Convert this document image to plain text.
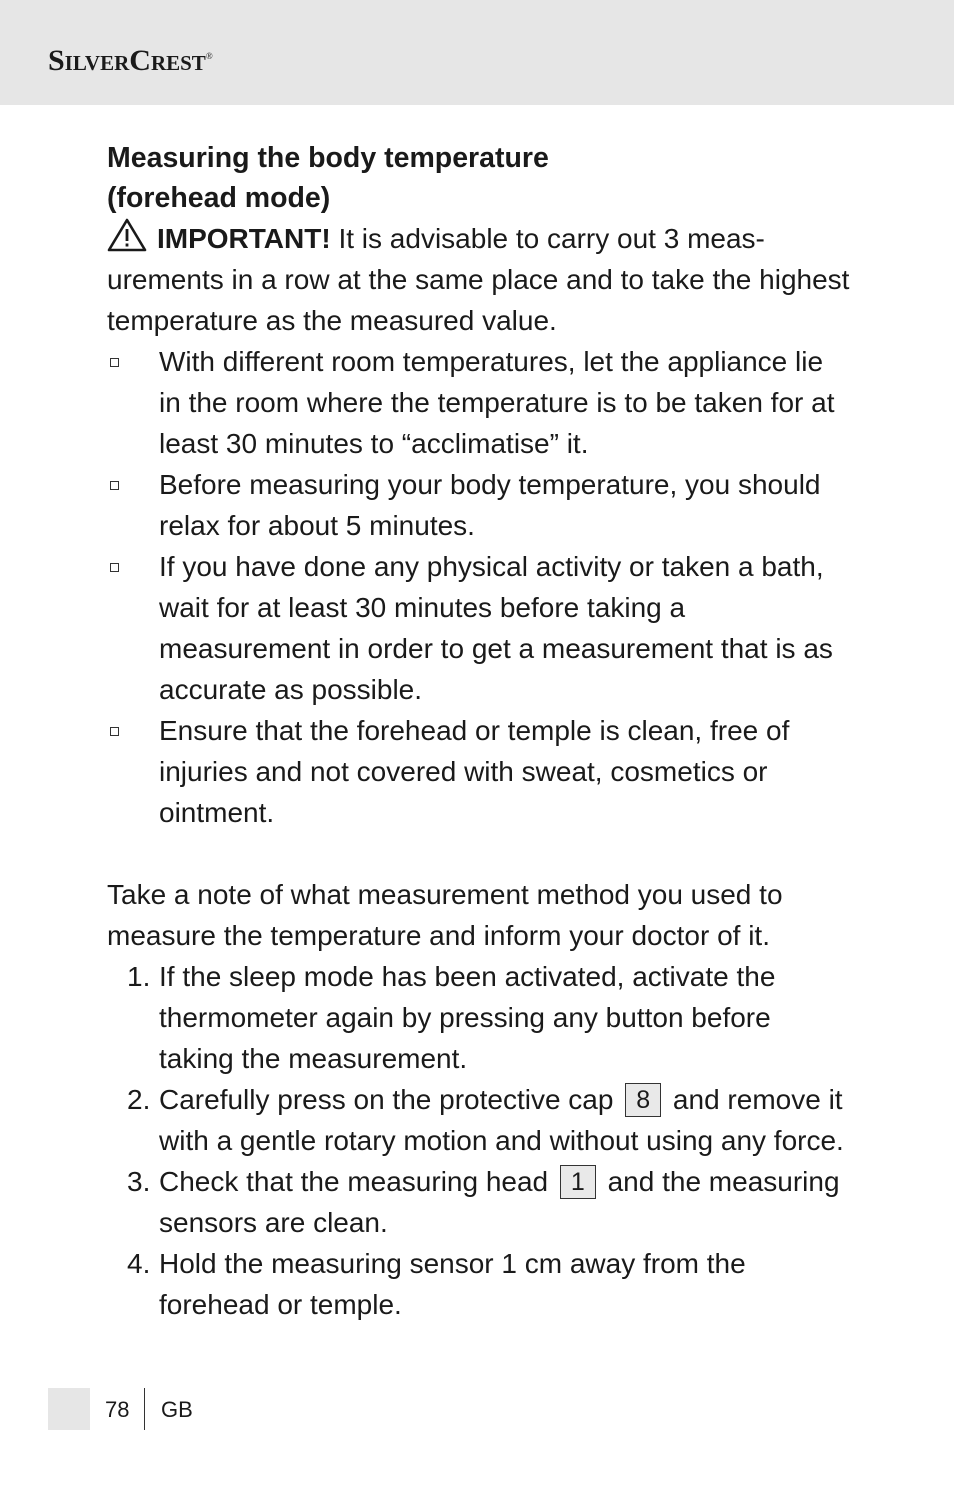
SilverCrest®

Measuring the body temperature
(forehead mode)

IMPORTANT! It is advisable to carry out 3 meas-urements in a row at the same place and to take the highest temperature as the measured value.

With different room temperatures, let the appliance lie in the room where the temperature is to be taken for at least 30 minutes to “acclimatise” it.
Before measuring your body temperature, you should relax for about 5 minutes.
If you have done any physical activity or taken a bath, wait for at least 30 minutes before taking a measurement in order to get a measurement that is as accurate as possible.
Ensure that the forehead or temple is clean, free of injuries and not covered with sweat, cosmetics or ointment.

Take a note of what measurement method you used to measure the temperature and inform your doctor of it.

1. If the sleep mode has been activated, activate the thermometer again by pressing any button before taking the measurement.
2. Carefully press on the protective cap 8 and remove it with a gentle rotary motion and without using any force.
3. Check that the measuring head 1 and the measuring sensors are clean.
4. Hold the measuring sensor 1 cm away from the forehead or temple.
78 GB
